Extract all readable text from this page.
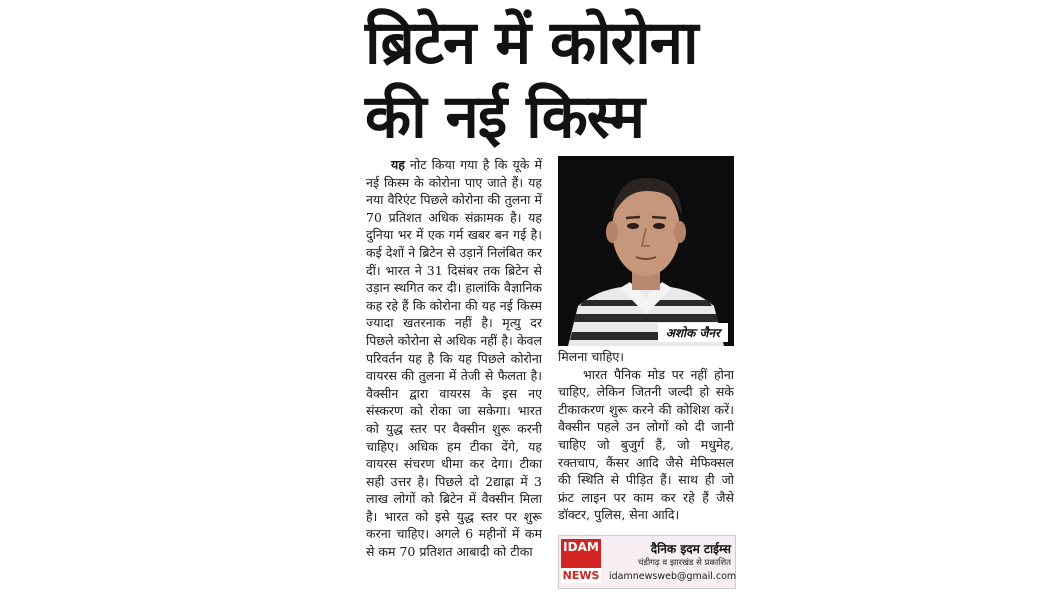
ब्रिटेन में कोरोना
की नई किस्म

  यह नोट किया गया है कि यूके में नई किस्म के कोरोना पाए जाते हैं। यह नया वैरिएंट पिछले कोरोना की तुलना में 70 प्रतिशत अधिक संक्रामक है। यह दुनिया भर में एक गर्म खबर बन गई है। कई देशों ने ब्रिटेन से उड़ानें निलंबित कर दीं। भारत ने 31 दिसंबर तक ब्रिटेन से उड़ान स्थगित कर दी। हालांकि वैज्ञानिक कह रहे हैं कि कोरोना की यह नई किस्म ज्यादा खतरनाक नहीं है। मृत्यु दर पिछले कोरोना से अधिक नहीं है। केवल परिवर्तन यह है कि यह पिछले कोरोना वायरस की तुलना में तेजी से फैलता है। वैक्सीन द्वारा वायरस के इस नए संस्करण को रोका जा सकेगा। भारत को युद्ध स्तर पर वैक्सीन शुरू करनी चाहिए। अधिक हम टीका देंगे, यह वायरस संचरण धीमा कर देगा। टीका सही उत्तर है। पिछले दो 2द्याह्रा में 3 लाख लोगों को ब्रिटेन में वैक्सीन मिला है। भारत को इसे युद्ध स्तर पर शुरू करना चाहिए। अगले 6 महीनों में कम से कम 70 प्रतिशत आबादी को टीका

अशोक जैनर

मिलना चाहिए।

  भारत पैनिक मोड पर नहीं होना चाहिए, लेकिन जितनी जल्दी हो सके टीकाकरण शुरू करने की कोशिश करें। वैक्सीन पहले उन लोगों को दी जानी चाहिए जो बुजुर्ग हैं, जो मधुमेह, रक्तचाप, कैंसर आदि जैसे मेफिक्सल की स्थिति से पीड़ित हैं। साथ ही जो फ्रंट लाइन पर काम कर रहे हैं जैसे डॉक्टर, पुलिस, सेना आदि।

IDAM
NEWS
दैनिक इदम टाईम्स
चंडीगढ़ व झारखंड से प्रकाशित
idamnewsweb@gmail.com
